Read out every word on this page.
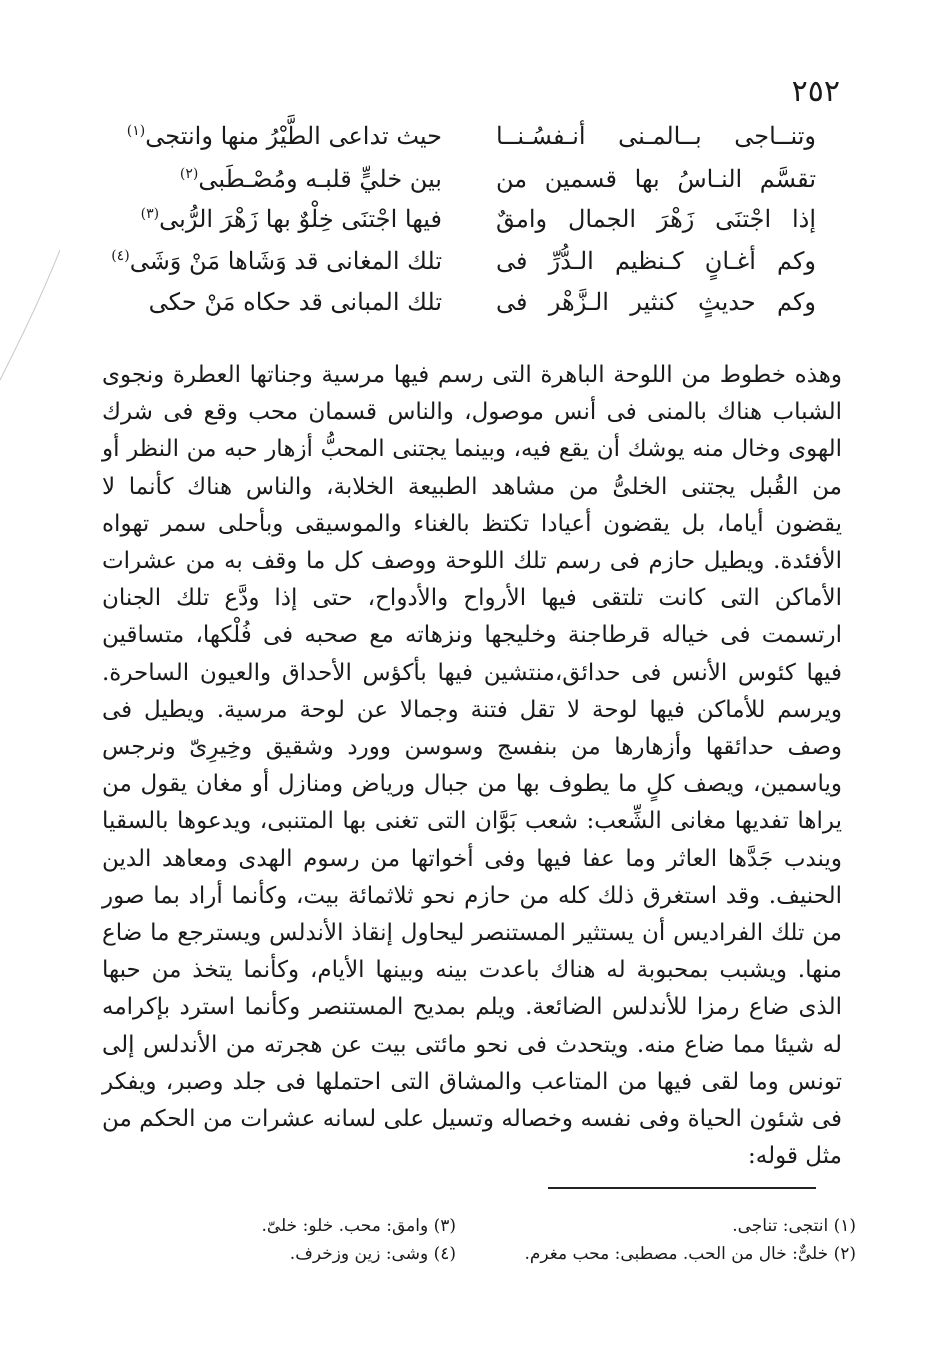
٢٥٢
وتنــاجى بــالمـنى أنـفسُـنــا
حيث تداعى الطَّيْرُ منها وانتجى$^{(١)}$
تقسَّم النـاسُ بها قسمين من
بين خليٍّ قلبـه ومُصْـطَبى$^{(٢)}$
إذا اجْتنَى زَهْرَ الجمال وامقٌ
فيها اجْتنَى خِلْوٌ بها زَهْرَ الرُّبى$^{(٣)}$
وكم أغـانٍ كـنظيم الـدُّرِّ فى
تلك المغانى قد وَشَاها مَنْ وَشَى$^{(٤)}$
وكم حديثٍ كنثير الـزَّهْر فى
تلك المبانى قد حكاه مَنْ حكى
وهذه خطوط من اللوحة الباهرة التى رسم فيها مرسية وجناتها العطرة ونجوى الشباب هناك بالمنى فى أنس موصول، والناس قسمان محب وقع فى شرك الهوى وخال منه يوشك أن يقع فيه، وبينما يجتنى المحبُّ أزهار حبه من النظر أو من القُبل يجتنى الخلىُّ من مشاهد الطبيعة الخلابة، والناس هناك كأنما لا يقضون أياما، بل يقضون أعيادا تكتظ بالغناء والموسيقى وبأحلى سمر تهواه الأفئدة. ويطيل حازم فى رسم تلك اللوحة ووصف كل ما وقف به من عشرات الأماكن التى كانت تلتقى فيها الأرواح والأدواح، حتى إذا ودَّع تلك الجنان ارتسمت فى خياله قرطاجنة وخليجها ونزهاته مع صحبه فى فُلْكها، متساقين فيها كئوس الأنس فى حدائق،منتشين فيها بأكؤس الأحداق والعيون الساحرة. ويرسم للأماكن فيها لوحة لا تقل فتنة وجمالا عن لوحة مرسية. ويطيل فى وصف حدائقها وأزهارها من بنفسج وسوسن وورد وشقيق وخِيرِىّ ونرجس وياسمين، ويصف كلٍ ما يطوف بها من جبال ورياض ومنازل أو مغان يقول من يراها تفديها مغانى الشِّعب: شعب بَوَّان التى تغنى بها المتنبى، ويدعوها بالسقيا ويندب جَدَّها العاثر وما عفا فيها وفى أخواتها من رسوم الهدى ومعاهد الدين الحنيف. وقد استغرق ذلك كله من حازم نحو ثلاثمائة بيت، وكأنما أراد بما صور من تلك الفراديس أن يستثير المستنصر ليحاول إنقاذ الأندلس ويسترجع ما ضاع منها. ويشبب بمحبوبة له هناك باعدت بينه وبينها الأيام، وكأنما يتخذ من حبها الذى ضاع رمزا للأندلس الضائعة. ويلم بمديح المستنصر وكأنما استرد بإكرامه له شيئا مما ضاع منه. ويتحدث فى نحو مائتى بيت عن هجرته من الأندلس إلى تونس وما لقى فيها من المتاعب والمشاق التى احتملها فى جلد وصبر، ويفكر فى شئون الحياة وفى نفسه وخصاله وتسيل على لسانه عشرات من الحكم من مثل قوله:
(١) انتجى: تناجى.
(٢) خلىٌّ: خال من الحب. مصطبى: محب مغرم.
(٣) وامق: محب. خلو: خلىّ.
(٤) وشى: زين وزخرف.
